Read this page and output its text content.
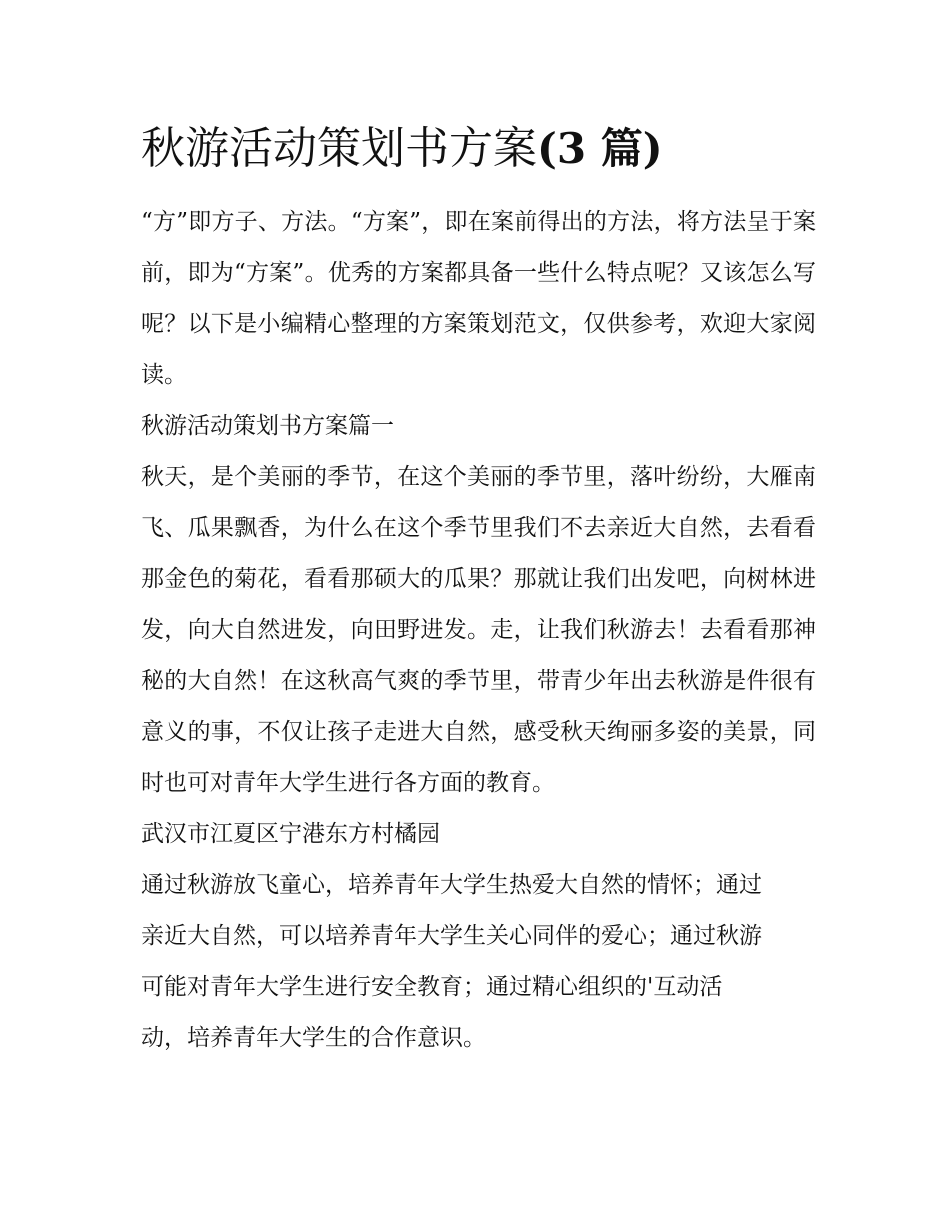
秋游活动策划书方案(3 篇)

“方”即方子、方法。“方案”，即在案前得出的方法，将方法呈于案前，即为“方案”。优秀的方案都具备一些什么特点呢？又该怎么写呢？以下是小编精心整理的方案策划范文，仅供参考，欢迎大家阅读。

秋游活动策划书方案篇一

秋天，是个美丽的季节，在这个美丽的季节里，落叶纷纷，大雁南飞、瓜果飘香，为什么在这个季节里我们不去亲近大自然，去看看那金色的菊花，看看那硕大的瓜果？那就让我们出发吧，向树林进发，向大自然进发，向田野进发。走，让我们秋游去！去看看那神秘的大自然！在这秋高气爽的季节里，带青少年出去秋游是件很有意义的事，不仅让孩子走进大自然，感受秋天绚丽多姿的美景，同时也可对青年大学生进行各方面的教育。

武汉市江夏区宁港东方村橘园

通过秋游放飞童心，培养青年大学生热爱大自然的情怀；通过

亲近大自然，可以培养青年大学生关心同伴的爱心；通过秋游

可能对青年大学生进行安全教育；通过精心组织的'互动活

动，培养青年大学生的合作意识。
